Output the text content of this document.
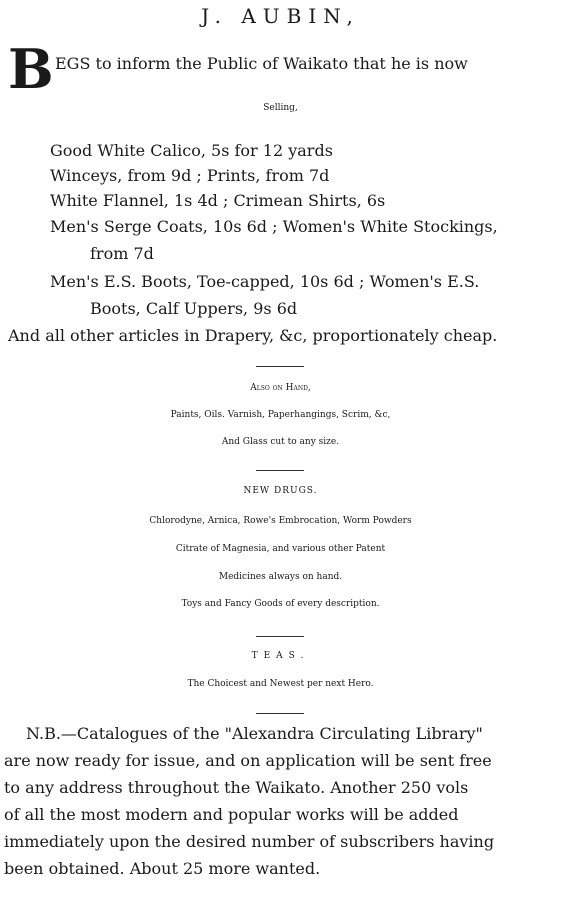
J. AUBIN,
B EGS to inform the Public of Waikato that he is now
Selling,
Good White Calico, 5s for 12 yards
Winceys, from 9d ; Prints, from 7d
White Flannel, 1s 4d ; Crimean Shirts, 6s
Men's Serge Coats, 10s 6d ; Women's White Stockings,
from 7d
Men's E.S. Boots, Toe-capped, 10s 6d ; Women's E.S.
Boots, Calf Uppers, 9s 6d
And all other articles in Drapery, &c, proportionately cheap.
Also on Hand,
Paints, Oils. Varnish, Paperhangings, Scrim, &c,
And Glass cut to any size.
NEW DRUGS.
Chlorodyne, Arnica, Rowe's Embrocation, Worm Powders
Citrate of Magnesia, and various other Patent
Medicines always on hand.
Toys and Fancy Goods of every description.
TEAS.
The Choicest and Newest per next Hero.
N.B.—Catalogues of the "Alexandra Circulating Library"
are now ready for issue, and on application will be sent free
to any address throughout the Waikato. Another 250 vols
of all the most modern and popular works will be added
immediately upon the desired number of subscribers having
been obtained. About 25 more wanted.
